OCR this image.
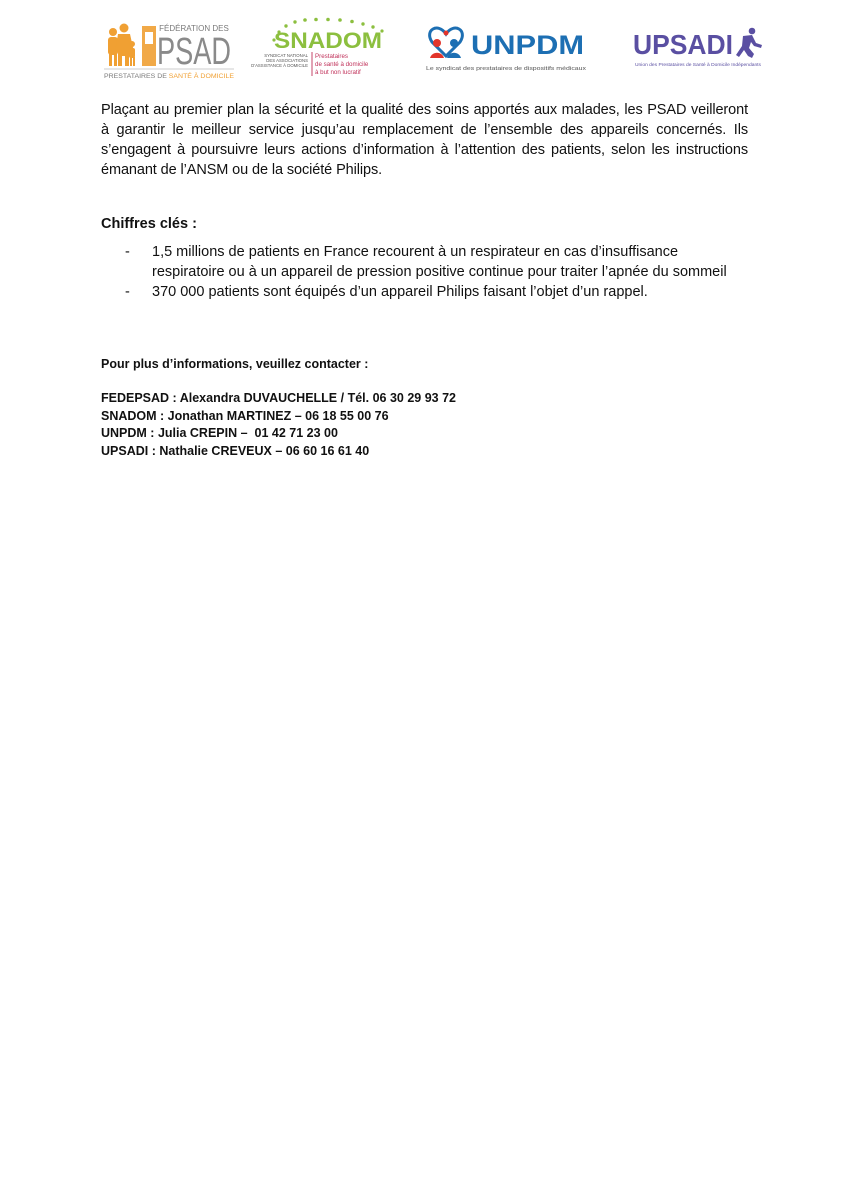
FÉDÉRATION DES
PSAD
PRESTATAIRES DE SANTÉ À DOMICILE
SNADOM
SYNDICAT NATIONAL
DES ASSOCIATIONS
D'ASSISTANCE À DOMICILE
Prestataires
de santé à domicile
à but non lucratif
UNPDM
Le syndicat des prestataires de dispositifs médicaux
UPSADI
Union des Prestataires de Santé à Domicile Indépendants

Plaçant au premier plan la sécurité et la qualité des soins apportés aux malades, les PSAD veilleront à garantir le meilleur service jusqu’au remplacement de l’ensemble des appareils concernés. Ils s’engagent à poursuivre leurs actions d’information à l’attention des patients, selon les instructions émanant de l’ANSM ou de la société Philips.

Chiffres clés :
- 1,5 millions de patients en France recourent à un respirateur en cas d’insuffisance respiratoire ou à un appareil de pression positive continue pour traiter l’apnée du sommeil
- 370 000 patients sont équipés d’un appareil Philips faisant l’objet d’un rappel.
Pour plus d’informations, veuillez contacter :
FEDEPSAD : Alexandra DUVAUCHELLE / Tél. 06 30 29 93 72
SNADOM : Jonathan MARTINEZ – 06 18 55 00 76
UNPDM : Julia CREPIN –  01 42 71 23 00
UPSADI : Nathalie CREVEUX – 06 60 16 61 40
